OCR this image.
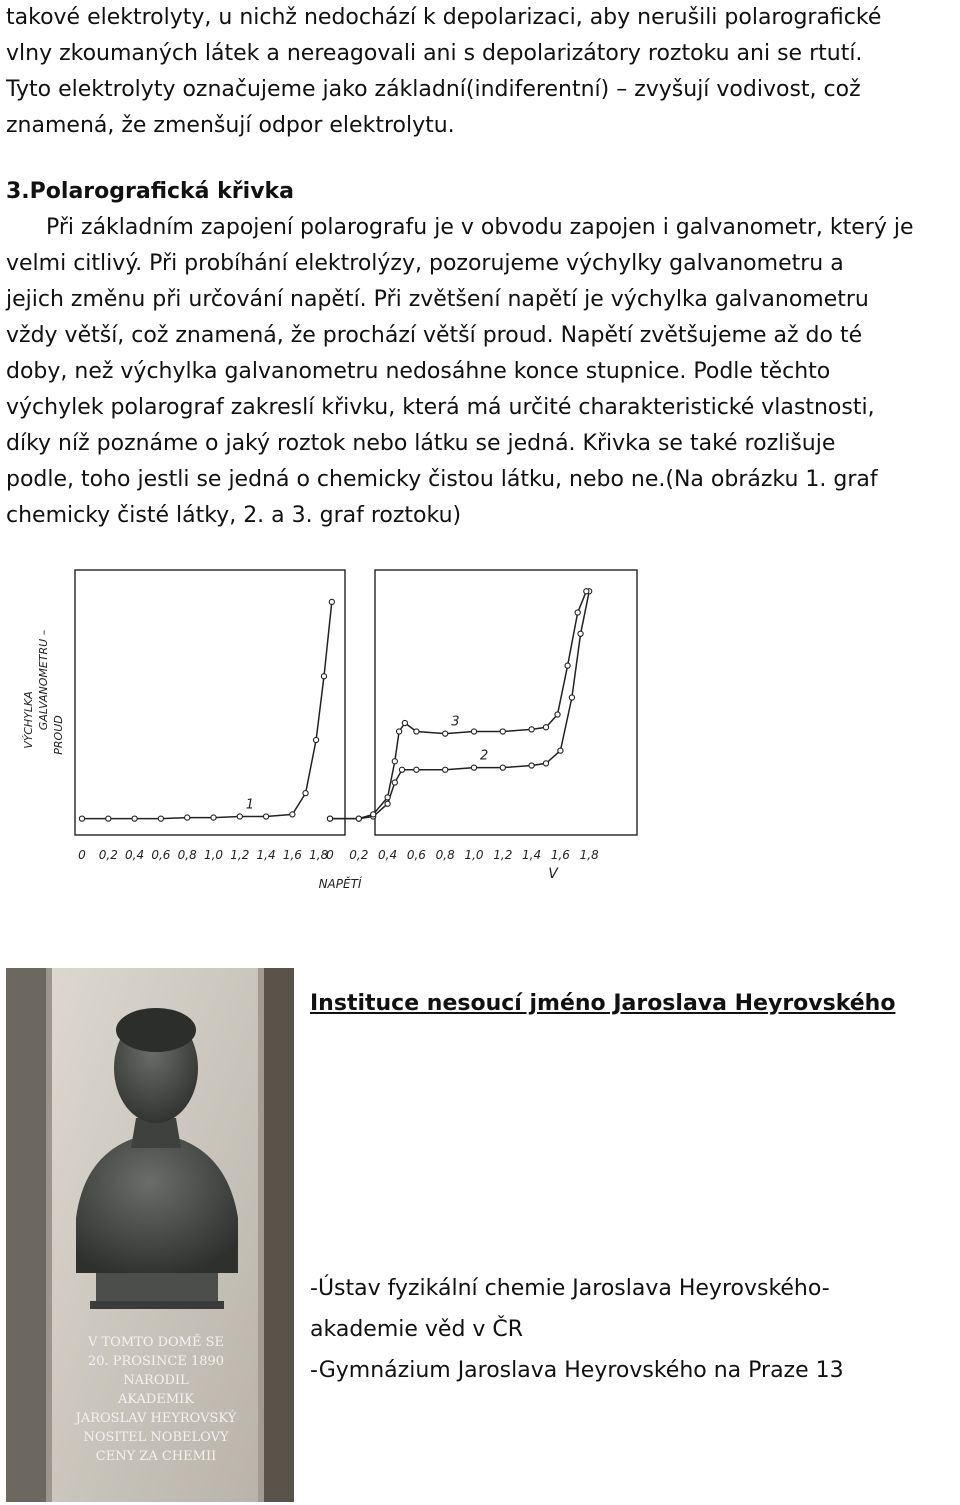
takové elektrolyty, u nichž nedochází k depolarizaci, aby nerušili polarografické
vlny zkoumaných látek a nereagovali ani s depolarizátory roztoku ani se rtutí.
Tyto elektrolyty označujeme jako základní(indiferentní) – zvyšují vodivost, což
znamená, že zmenšují odpor elektrolytu.
3.Polarografická křivka
Při základním zapojení polarografu je v obvodu zapojen i galvanometr, který je
velmi citlivý. Při probíhání elektrolýzy, pozorujeme výchylky galvanometru a
jejich změnu při určování napětí. Při zvětšení napětí je výchylka galvanometru
vždy větší, což znamená, že prochází větší proud. Napětí zvětšujeme až do té
doby, než výchylka galvanometru nedosáhne konce stupnice. Podle těchto
výchylek polarograf zakreslí křivku, která má určité charakteristické vlastnosti,
díky níž poznáme o jaký roztok nebo látku se jedná. Křivka se také rozlišuje
podle, toho jestli se jedná o chemicky čistou látku, nebo ne.(Na obrázku 1. graf
chemicky čisté látky, 2. a 3. graf roztoku)
VÝCHYLKA GALVANOMETRU –
PROUD
1
2
3
0 0,2 0,4 0,6 0,8 1,0 1,2 1,4 1,6 1,8
0 0,2 0,4 0,6 0,8 1,0 1,2 1,4 1,6 1,8
NAPĚTÍ
V
V TOMTO DOMĚ SE
20. PROSINCE 1890
NARODIL
AKADEMIK
JAROSLAV HEYROVSKÝ
NOSITEL NOBELOVY
CENY ZA CHEMII
Instituce nesoucí jméno Jaroslava Heyrovského
-Ústav fyzikální chemie Jaroslava Heyrovského-
akademie věd v ČR
-Gymnázium Jaroslava Heyrovského na Praze 13
